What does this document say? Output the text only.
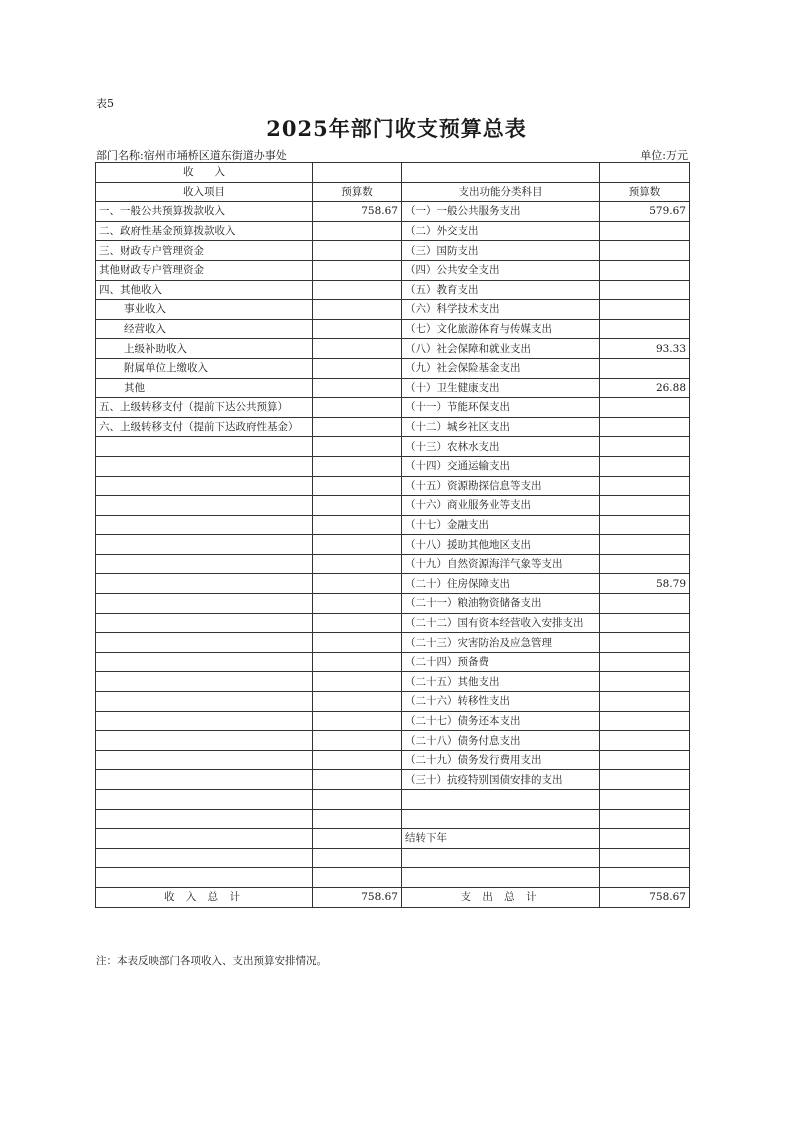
表5
2025年部门收支预算总表
部门名称:宿州市埇桥区道东街道办事处	单位:万元
收　　入			
收入项目	预算数	支出功能分类科目	预算数
一、一般公共预算拨款收入	758.67	（一）一般公共服务支出	579.67
二、政府性基金预算拨款收入		（二）外交支出	
三、财政专户管理资金		（三）国防支出	
其他财政专户管理资金		（四）公共安全支出	
四、其他收入		（五）教育支出	
事业收入		（六）科学技术支出	
经营收入		（七）文化旅游体育与传媒支出	
上级补助收入		（八）社会保障和就业支出	93.33
附属单位上缴收入		（九）社会保险基金支出	
其他		（十）卫生健康支出	26.88
五、上级转移支付（提前下达公共预算）		（十一）节能环保支出	
六、上级转移支付（提前下达政府性基金）		（十二）城乡社区支出	
		（十三）农林水支出	
		（十四）交通运输支出	
		（十五）资源勘探信息等支出	
		（十六）商业服务业等支出	
		（十七）金融支出	
		（十八）援助其他地区支出	
		（十九）自然资源海洋气象等支出	
		（二十）住房保障支出	58.79
		（二十一）粮油物资储备支出	
		（二十二）国有资本经营收入安排支出	
		（二十三）灾害防治及应急管理	
		（二十四）预备费	
		（二十五）其他支出	
		（二十六）转移性支出	
		（二十七）债务还本支出	
		（二十八）债务付息支出	
		（二十九）债务发行费用支出	
		（三十）抗疫特别国债安排的支出	

		结转下年	

收 入 总 计	758.67	支 出 总 计	758.67
注：本表反映部门各项收入、支出预算安排情况。
